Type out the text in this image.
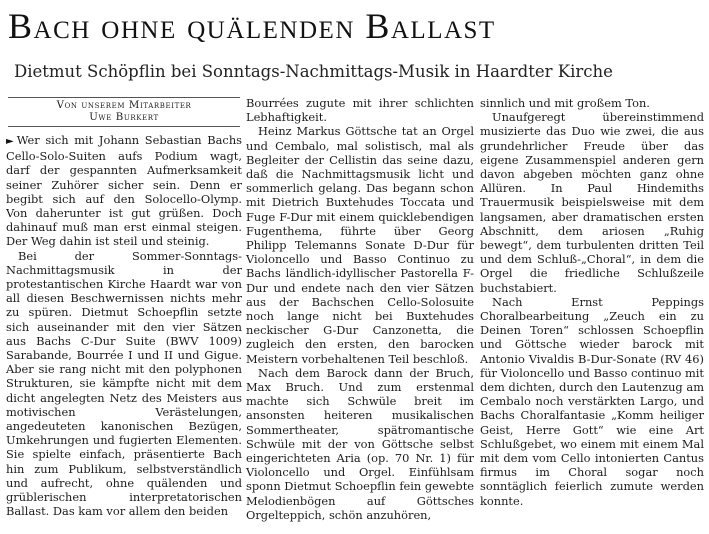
Bach ohne quälenden Ballast
Dietmut Schöpflin bei Sonntags-Nachmittags-Musik in Haardter Kirche
Von unserem Mitarbeiter
Uwe Burkert

► Wer sich mit Johann Sebastian Bachs Cello-Solo-Suiten aufs Podium wagt, darf der gespannten Aufmerksamkeit seiner Zuhörer sicher sein. Denn er begibt sich auf den Solocello-Olymp. Von daherunter ist gut grüßen. Doch dahinauf muß man erst einmal steigen. Der Weg dahin ist steil und steinig.

Bei der Sommer-Sonntags-Nachmittagsmusik in der protestantischen Kirche Haardt war von all diesen Beschwernissen nichts mehr zu spüren. Dietmut Schoepflin setzte sich auseinander mit den vier Sätzen aus Bachs C-Dur Suite (BWV 1009) Sarabande, Bourrée I und II und Gigue. Aber sie rang nicht mit den polyphonen Strukturen, sie kämpfte nicht mit dem dicht angelegten Netz des Meisters aus motivischen Verästelungen, angedeuteten kanonischen Bezügen, Umkehrungen und fugierten Elementen. Sie spielte einfach, präsentierte Bach hin zum Publikum, selbstverständlich und aufrecht, ohne quälenden und grüblerischen interpretatorischen Ballast. Das kam vor allem den beiden

Bourrées zugute mit ihrer schlichten Lebhaftigkeit.

Heinz Markus Göttsche tat an Orgel und Cembalo, mal solistisch, mal als Begleiter der Cellistin das seine dazu, daß die Nachmittagsmusik licht und sommerlich gelang. Das begann schon mit Dietrich Buxtehudes Toccata und Fuge F-Dur mit einem quicklebendigen Fugenthema, führte über Georg Philipp Telemanns Sonate D-Dur für Violoncello und Basso Continuo zu Bachs ländlich-idyllischer Pastorella F-Dur und endete nach den vier Sätzen aus der Bachschen Cello-Solosuite noch lange nicht bei Buxtehudes neckischer G-Dur Canzonetta, die zugleich den ersten, den barocken Meistern vorbehaltenen Teil beschloß.

Nach dem Barock dann der Bruch, Max Bruch. Und zum erstenmal machte sich Schwüle breit im ansonsten heiteren musikalischen Sommertheater, spätromantische Schwüle mit der von Göttsche selbst eingerichteten Aria (op. 70 Nr. 1) für Violoncello und Orgel. Einfühlsam sponn Dietmut Schoepflin fein gewebte Melodienbögen auf Göttsches Orgelteppich, schön anzuhören,

sinnlich und mit großem Ton.

Unaufgeregt übereinstimmend musizierte das Duo wie zwei, die aus grundehrlicher Freude über das eigene Zusammenspiel anderen gern davon abgeben möchten ganz ohne Allüren. In Paul Hindemiths Trauermusik beispielsweise mit dem langsamen, aber dramatischen ersten Abschnitt, dem ariosen „Ruhig bewegt“, dem turbulenten dritten Teil und dem Schluß-„Choral“, in dem die Orgel die friedliche Schlußzeile buchstabiert.

Nach Ernst Peppings Choralbearbeitung „Zeuch ein zu Deinen Toren“ schlossen Schoepflin und Göttsche wieder barock mit Antonio Vivaldis B-Dur-Sonate (RV 46) für Violoncello und Basso continuo mit dem dichten, durch den Lautenzug am Cembalo noch verstärkten Largo, und Bachs Choralfantasie „Komm heiliger Geist, Herre Gott“ wie eine Art Schlußgebet, wo einem mit einem Mal mit dem vom Cello intonierten Cantus firmus im Choral sogar noch sonntäglich feierlich zumute werden konnte.
